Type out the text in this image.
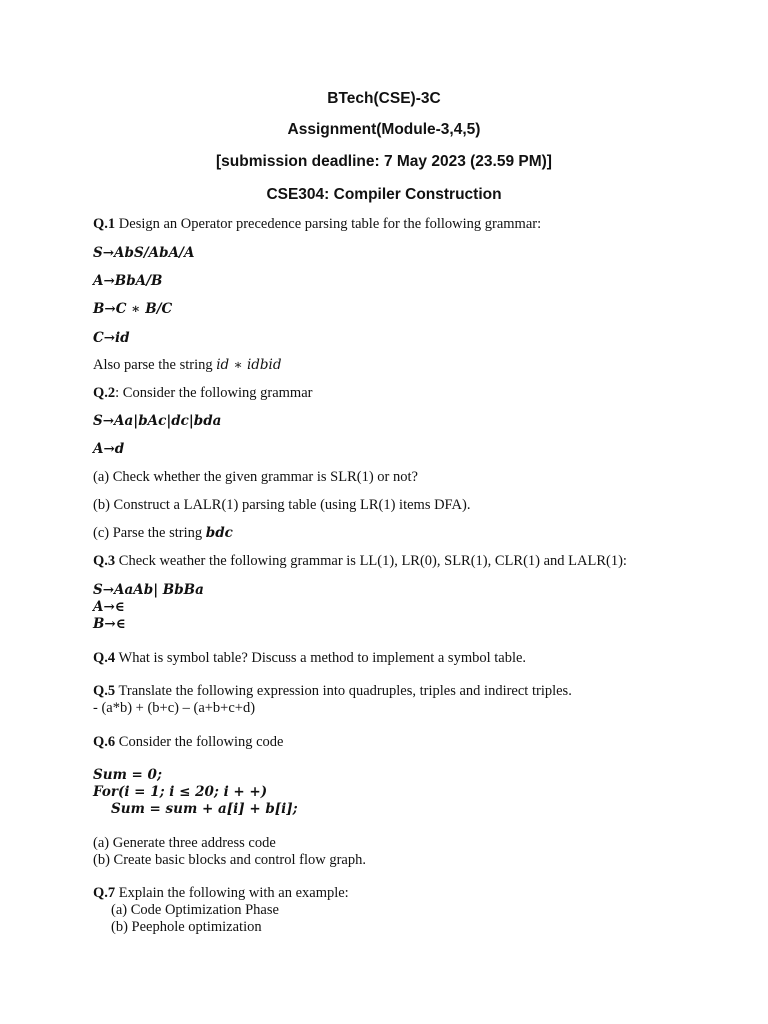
BTech(CSE)-3C
Assignment(Module-3,4,5)
[submission deadline: 7 May 2023 (23.59 PM)]
CSE304: Compiler Construction
Q.1 Design an Operator precedence parsing table for the following grammar:
S→AbS/AbA/A
A→BbA/B
B→C ∗ B/C
C→id
Also parse the string id ∗ idbid
Q.2: Consider the following grammar
S→Aa|bAc|dc|bda
A→d
(a) Check whether the given grammar is SLR(1) or not?
(b) Construct a LALR(1) parsing table (using LR(1) items DFA).
(c) Parse the string bdc
Q.3 Check weather the following grammar is LL(1), LR(0), SLR(1), CLR(1) and LALR(1):
S→AaAb| BbBa
A→∈
B→∈
Q.4 What is symbol table? Discuss a method to implement a symbol table.
Q.5 Translate the following expression into quadruples, triples and indirect triples.
- (a*b) + (b+c) – (a+b+c+d)
Q.6 Consider the following code
Sum = 0;
For(i = 1; i ≤ 20; i + +)
Sum = sum + a[i] + b[i];
(a) Generate three address code
(b) Create basic blocks and control flow graph.
Q.7 Explain the following with an example:
(a) Code Optimization Phase
(b) Peephole optimization
